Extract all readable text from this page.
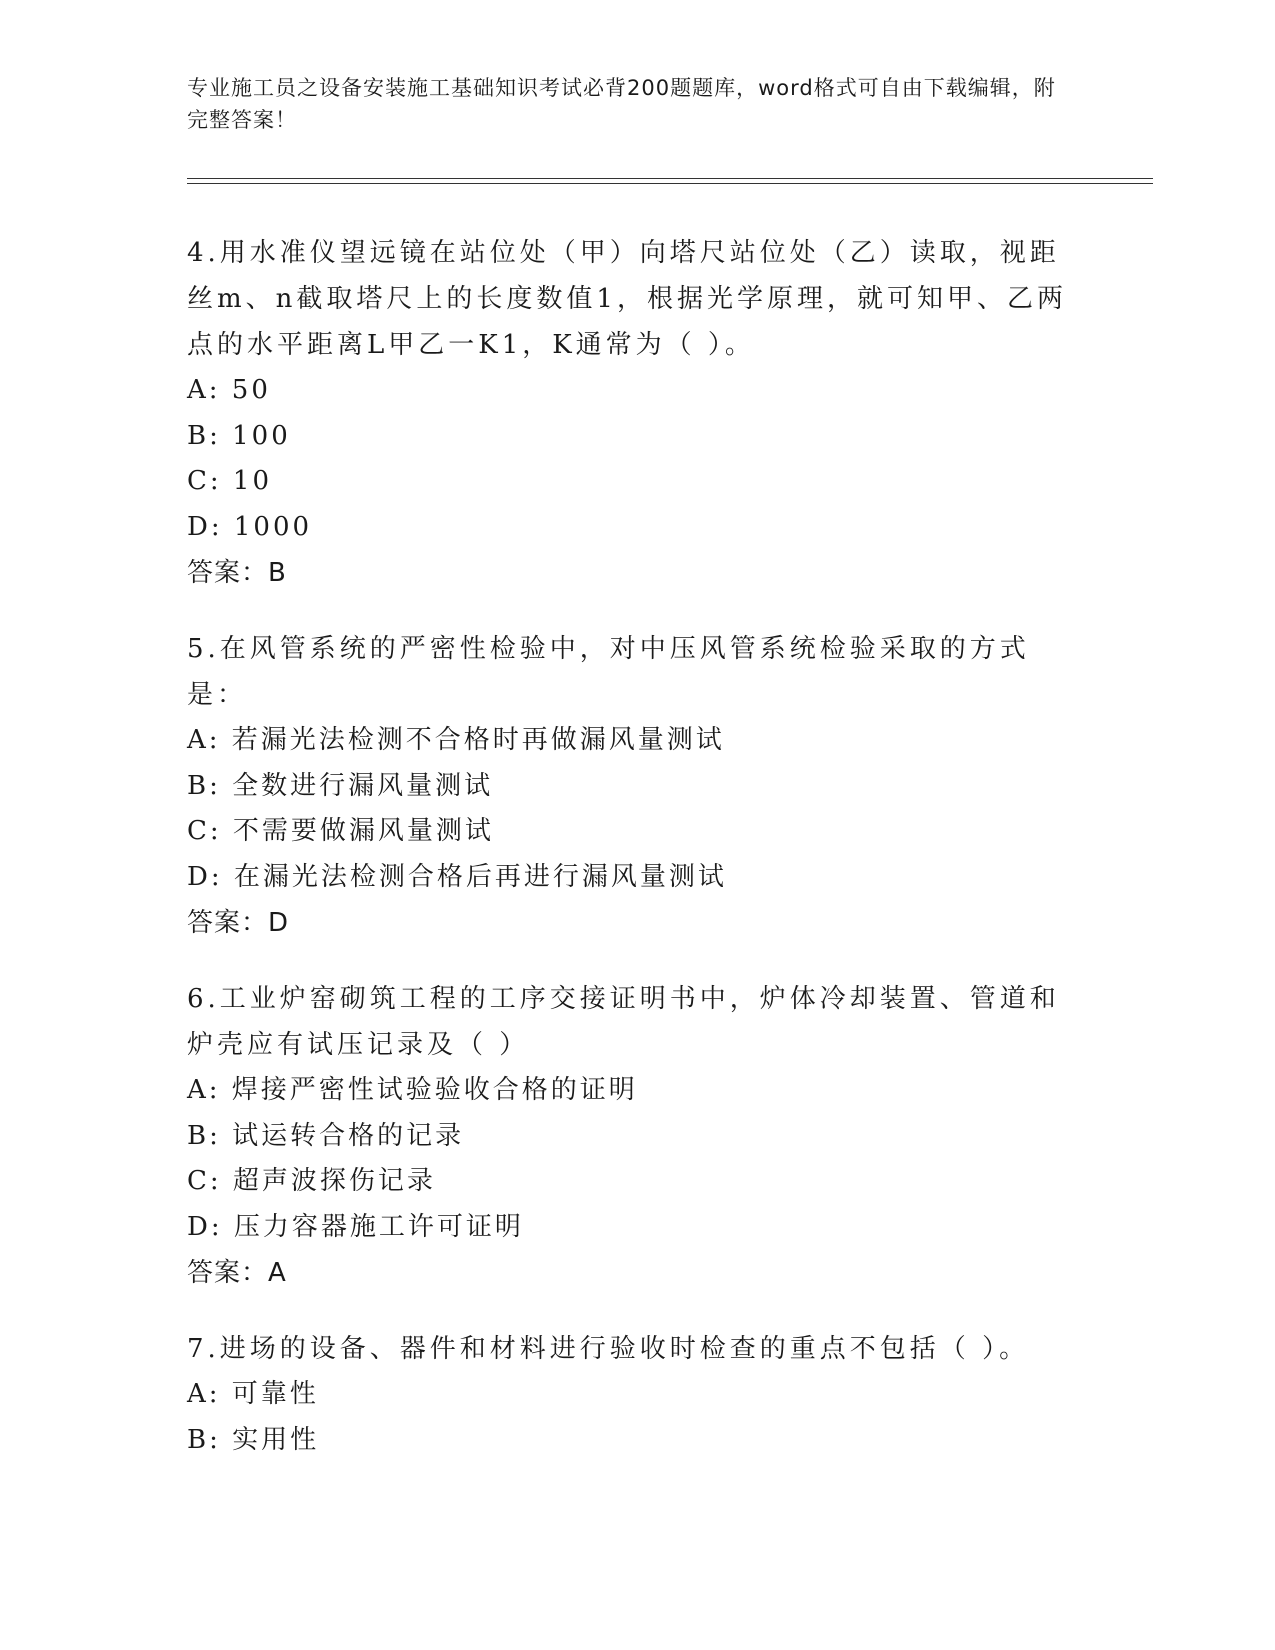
专业施工员之设备安装施工基础知识考试必背200题题库，word格式可自由下载编辑，附完整答案！

4.用水准仪望远镜在站位处（甲）向塔尺站位处（乙）读取，视距丝m、n截取塔尺上的长度数值1，根据光学原理，就可知甲、乙两点的水平距离L甲乙一K1，K通常为（ ）。

A: 50

B: 100

C: 10

D: 1000

答案：B

5.在风管系统的严密性检验中，对中压风管系统检验采取的方式是：

A: 若漏光法检测不合格时再做漏风量测试

B: 全数进行漏风量测试

C: 不需要做漏风量测试

D: 在漏光法检测合格后再进行漏风量测试

答案：D

6.工业炉窑砌筑工程的工序交接证明书中，炉体冷却装置、管道和炉壳应有试压记录及（ ）

A: 焊接严密性试验验收合格的证明

B: 试运转合格的记录

C: 超声波探伤记录

D: 压力容器施工许可证明

答案：A

7.进场的设备、器件和材料进行验收时检查的重点不包括（ ）。

A: 可靠性

B: 实用性
